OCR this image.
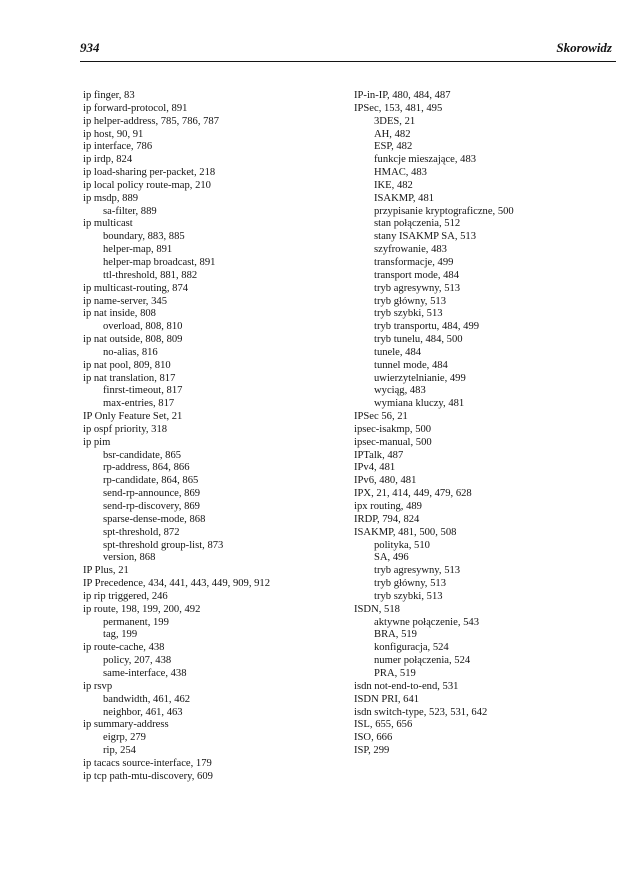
934	Skorowidz
ip finger, 83
ip forward-protocol, 891
ip helper-address, 785, 786, 787
ip host, 90, 91
ip interface, 786
ip irdp, 824
ip load-sharing per-packet, 218
ip local policy route-map, 210
ip msdp, 889
sa-filter, 889
ip multicast
boundary, 883, 885
helper-map, 891
helper-map broadcast, 891
ttl-threshold, 881, 882
ip multicast-routing, 874
ip name-server, 345
ip nat inside, 808
overload, 808, 810
ip nat outside, 808, 809
no-alias, 816
ip nat pool, 809, 810
ip nat translation, 817
finrst-timeout, 817
max-entries, 817
IP Only Feature Set, 21
ip ospf priority, 318
ip pim
bsr-candidate, 865
rp-address, 864, 866
rp-candidate, 864, 865
send-rp-announce, 869
send-rp-discovery, 869
sparse-dense-mode, 868
spt-threshold, 872
spt-threshold group-list, 873
version, 868
IP Plus, 21
IP Precedence, 434, 441, 443, 449, 909, 912
ip rip triggered, 246
ip route, 198, 199, 200, 492
permanent, 199
tag, 199
ip route-cache, 438
policy, 207, 438
same-interface, 438
ip rsvp
bandwidth, 461, 462
neighbor, 461, 463
ip summary-address
eigrp, 279
rip, 254
ip tacacs source-interface, 179
ip tcp path-mtu-discovery, 609
IP-in-IP, 480, 484, 487
IPSec, 153, 481, 495
3DES, 21
AH, 482
ESP, 482
funkcje mieszające, 483
HMAC, 483
IKE, 482
ISAKMP, 481
przypisanie kryptograficzne, 500
stan połączenia, 512
stany ISAKMP SA, 513
szyfrowanie, 483
transformacje, 499
transport mode, 484
tryb agresywny, 513
tryb główny, 513
tryb szybki, 513
tryb transportu, 484, 499
tryb tunelu, 484, 500
tunele, 484
tunnel mode, 484
uwierzytelnianie, 499
wyciąg, 483
wymiana kluczy, 481
IPSec 56, 21
ipsec-isakmp, 500
ipsec-manual, 500
IPTalk, 487
IPv4, 481
IPv6, 480, 481
IPX, 21, 414, 449, 479, 628
ipx routing, 489
IRDP, 794, 824
ISAKMP, 481, 500, 508
polityka, 510
SA, 496
tryb agresywny, 513
tryb główny, 513
tryb szybki, 513
ISDN, 518
aktywne połączenie, 543
BRA, 519
konfiguracja, 524
numer połączenia, 524
PRA, 519
isdn not-end-to-end, 531
ISDN PRI, 641
isdn switch-type, 523, 531, 642
ISL, 655, 656
ISO, 666
ISP, 299
